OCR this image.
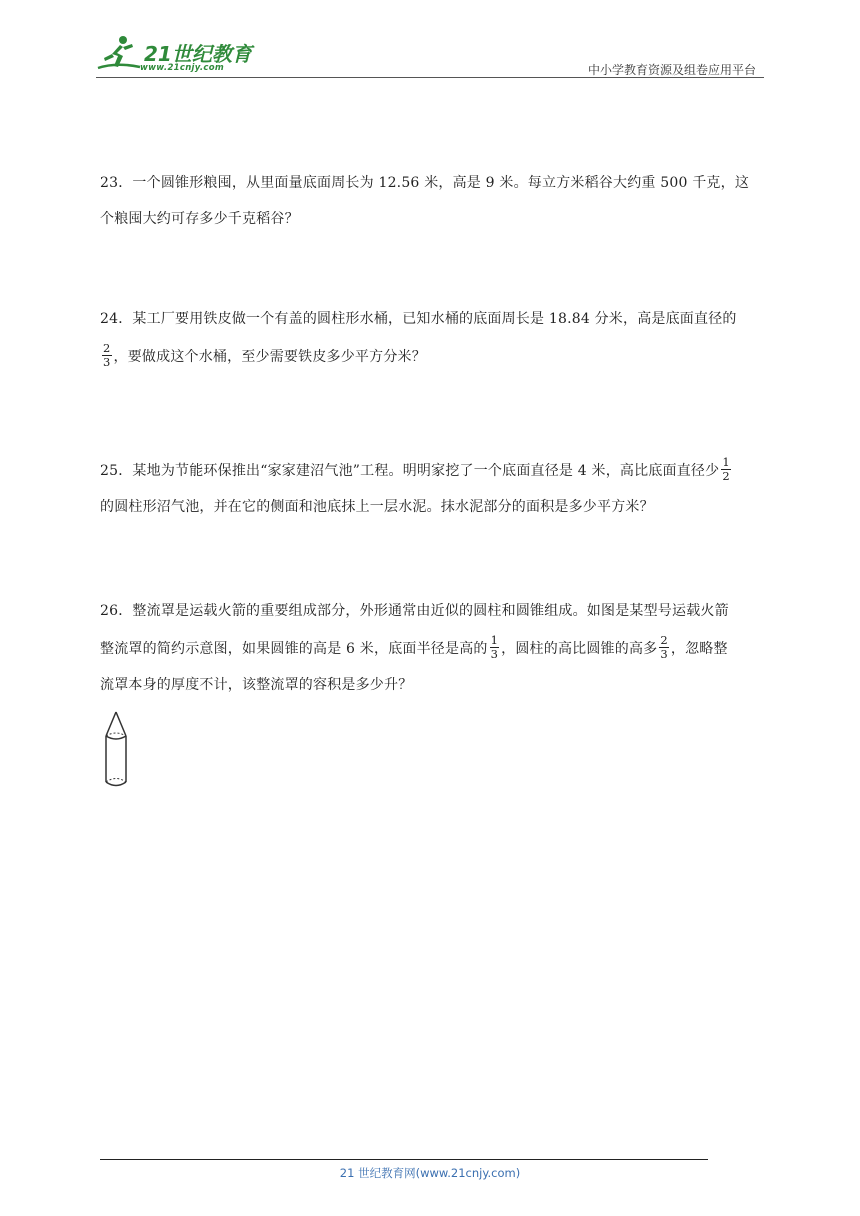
21世纪教育
www.21cnjy.com	中小学教育资源及组卷应用平台

23．一个圆锥形粮囤，从里面量底面周长为 12.56 米，高是 9 米。每立方米稻谷大约重 500 千克，这

个粮囤大约可存多少千克稻谷？

24．某工厂要用铁皮做一个有盖的圆柱形水桶，已知水桶的底面周长是 18.84 分米，高是底面直径的

$\frac{2}{3}$ ，要做成这个水桶，至少需要铁皮多少平方分米？

25．某地为节能环保推出“家家建沼气池”工程。明明家挖了一个底面直径是 4 米，高比底面直径少 $\frac{1}{2}$

的圆柱形沼气池，并在它的侧面和池底抹上一层水泥。抹水泥部分的面积是多少平方米？

26．整流罩是运载火箭的重要组成部分，外形通常由近似的圆柱和圆锥组成。如图是某型号运载火箭

整流罩的简约示意图，如果圆锥的高是 6 米，底面半径是高的 $\frac{1}{3}$ ，圆柱的高比圆锥的高多 $\frac{2}{3}$ ，忽略整

流罩本身的厚度不计，该整流罩的容积是多少升？

21 世纪教育网(www.21cnjy.com)
